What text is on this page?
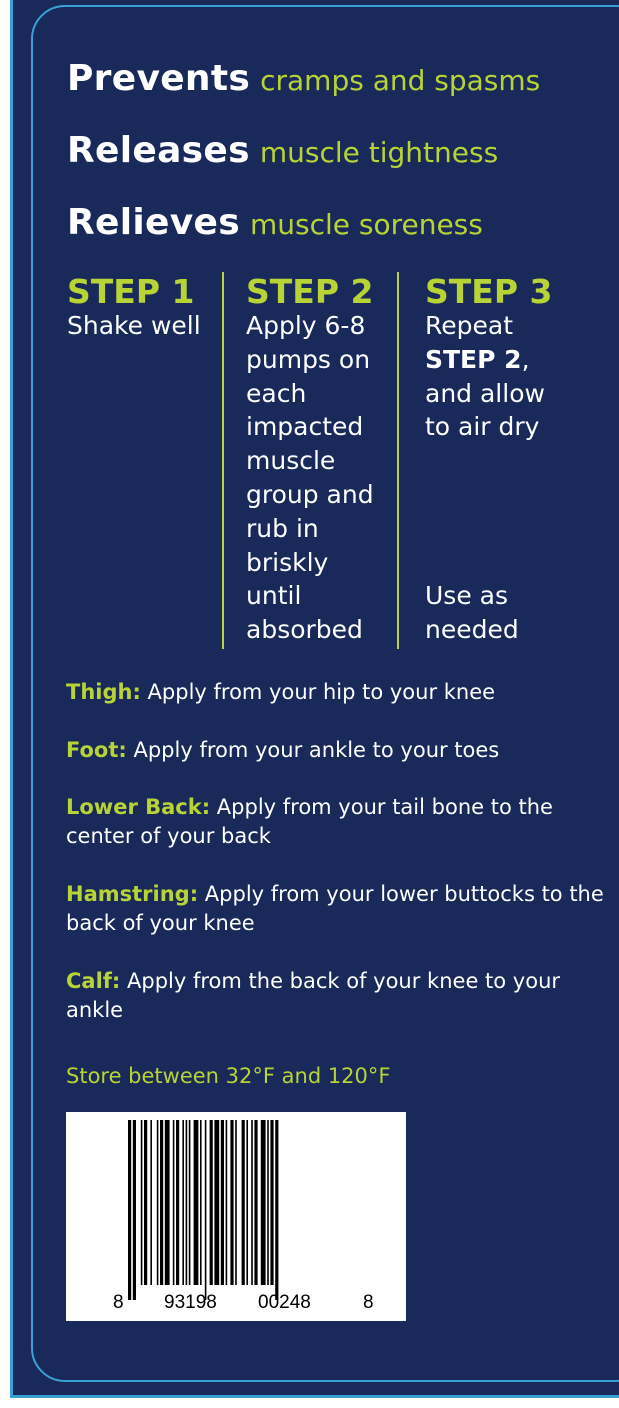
Prevents cramps and spasms
Releases muscle tightness
Relieves muscle soreness
STEP 1
Shake well
STEP 2
Apply 6-8
pumps on
each
impacted
muscle
group and
rub in
briskly
until
absorbed
STEP 3
Repeat
STEP 2,
and allow
to air dry
Use as
needed
Thigh: Apply from your hip to your knee
Foot: Apply from your ankle to your toes
Lower Back: Apply from your tail bone to the center of your back
Hamstring: Apply from your lower buttocks to the back of your knee
Calf: Apply from the back of your knee to your ankle
Store between 32°F and 120°F
8 93198 00248	8
